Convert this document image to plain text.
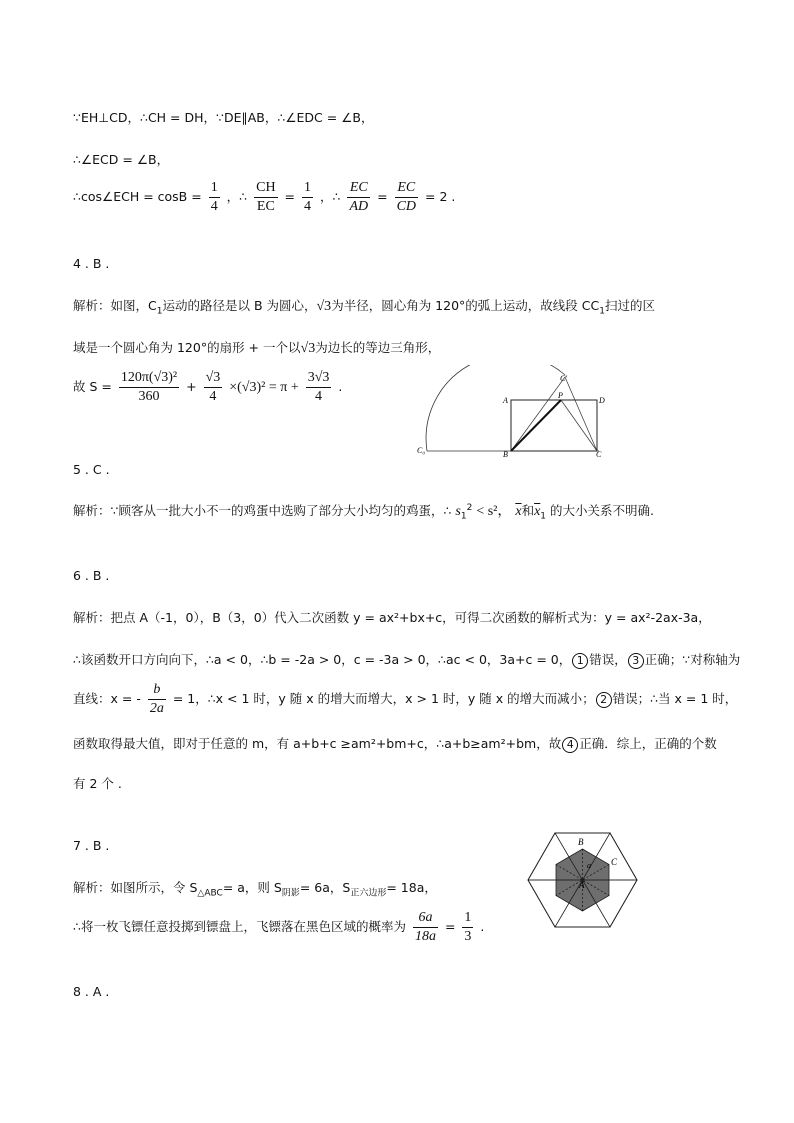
∵EH⊥CD，∴CH = DH，∵DE∥AB，∴∠EDC = ∠B，
∴∠ECD = ∠B，
∴cos∠ECH = $\cos B = \frac{1}{4}$ ，∴ $\frac{CH}{EC} = \frac{1}{4}$ ，∴ $\frac{EC}{AD} = \frac{EC}{CD} = 2$ .
4 . B .
解析：如图，$C_1$运动的路径是以 B 为圆心，√3为半径，圆心角为 120°的弧上运动，故线段 $CC_1$扫过的区
域是一个圆心角为 120°的扇形 + 一个以√3为边长的等边三角形，
故 $S = \frac{\text{120π(√3)²}}{360} + \frac{√3}{4} \times(√3)^2 = \pi + \frac{3√3}{4}$ .
C'
A
P
D
C₀	B	C
5 . C .
解析：∵顾客从一批大小不一的鸡蛋中选购了部分大小均匀的鸡蛋，∴ $s_1^2 < s^2$， $\overline{x}$和$\overline{x}_1$ 的大小关系不明确.
6 . B .
解析：把点 A（-1，0），B（3，0）代入二次函数 y = ax²+bx+c，可得二次函数的解析式为：y = ax²-2ax-3a，
∴该函数开口方向向下，∴a < 0，∴b = -2a > 0，c = -3a > 0，∴ac < 0，3a+c = 0， 1 错误， 3 正确；∵对称轴为
直线：x = - $\frac{b}{2a} = 1$，∴x < 1 时，y 随 x 的增大而增大，x > 1 时，y 随 x 的增大而减小； 2 错误；∴当 x = 1 时，
函数取得最大值，即对于任意的 m，有 a+b+c ≥am²+bm+c，∴a+b≥am²+bm，故 4 正确．综上，正确的个数
有 2 个 .
7 . B .
解析：如图所示，令 $S_{\triangle ABC}= a$，则 $S_{阴影}= 6a$，$S_{正六边形}= 18a$，
∴将一枚飞镖任意投掷到镖盘上，飞镖落在黑色区域的概率为 $\frac{6a}{18a} = \frac{1}{3}$ .
B
a C
A
8 . A .
